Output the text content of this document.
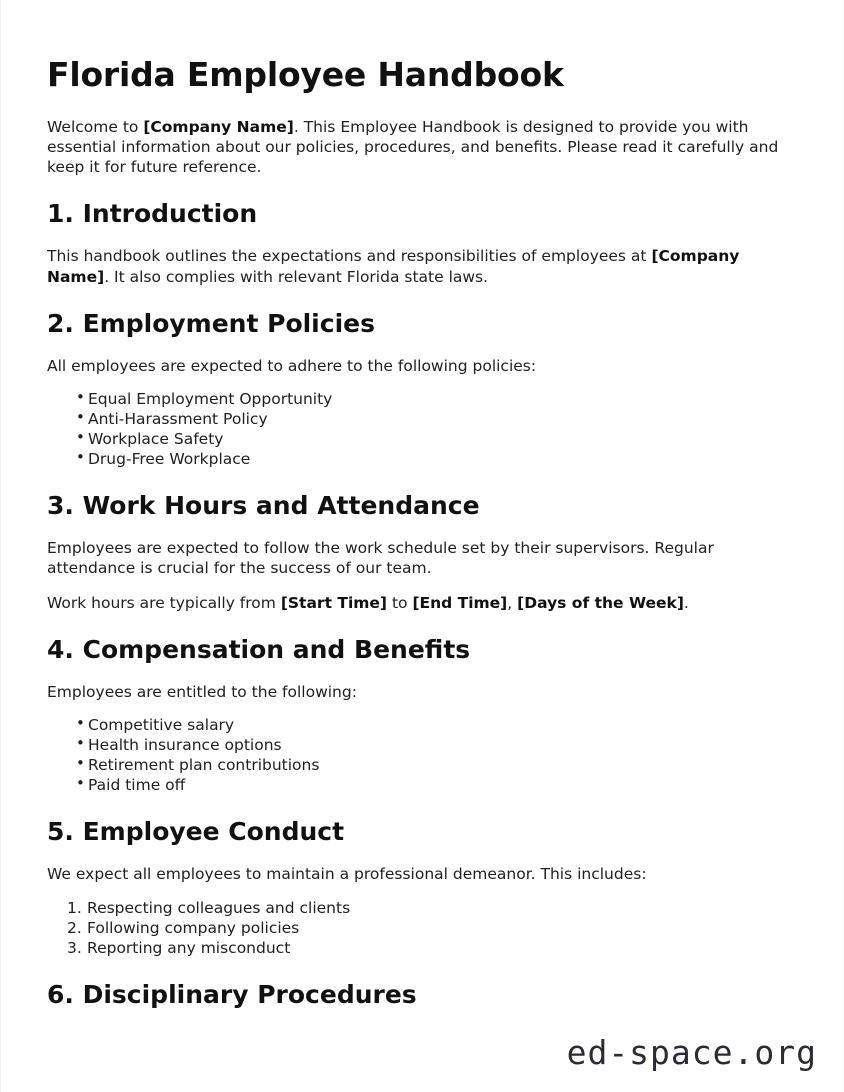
Florida Employee Handbook

Welcome to [Company Name]. This Employee Handbook is designed to provide you with essential information about our policies, procedures, and benefits. Please read it carefully and keep it for future reference.

1. Introduction

This handbook outlines the expectations and responsibilities of employees at [Company Name]. It also complies with relevant Florida state laws.

2. Employment Policies

All employees are expected to adhere to the following policies:

• Equal Employment Opportunity
• Anti-Harassment Policy
• Workplace Safety
• Drug-Free Workplace
3. Work Hours and Attendance

Employees are expected to follow the work schedule set by their supervisors. Regular attendance is crucial for the success of our team.

Work hours are typically from [Start Time] to [End Time], [Days of the Week].

4. Compensation and Benefits

Employees are entitled to the following:

• Competitive salary
• Health insurance options
• Retirement plan contributions
• Paid time off
5. Employee Conduct

We expect all employees to maintain a professional demeanor. This includes:

Respecting colleagues and clients
Following company policies
Reporting any misconduct
6. Disciplinary Procedures
ed-space.org
